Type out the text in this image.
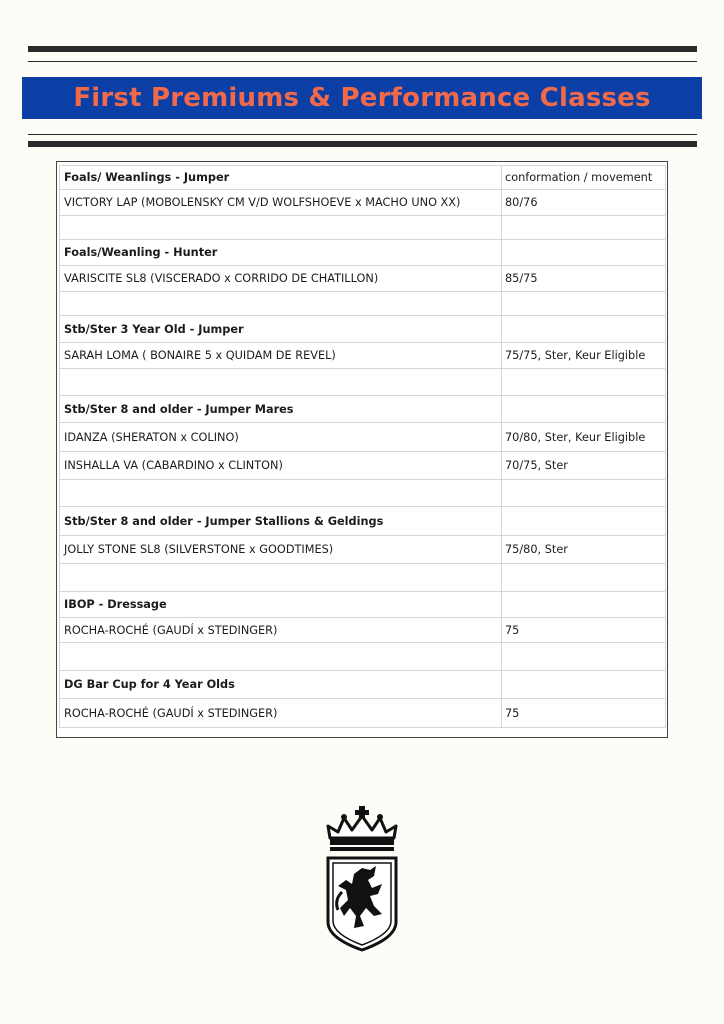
First Premiums & Performance Classes
Foals/ Weanlings - Jumper	conformation / movement
VICTORY LAP (MOBOLENSKY CM V/D WOLFSHOEVE x MACHO UNO XX)	80/76

Foals/Weanling - Hunter	
VARISCITE SL8 (VISCERADO x CORRIDO DE CHATILLON)	85/75

Stb/Ster 3 Year Old - Jumper	
SARAH LOMA ( BONAIRE 5 x QUIDAM DE REVEL)	75/75, Ster, Keur Eligible

Stb/Ster 8 and older - Jumper Mares	
IDANZA (SHERATON x COLINO)	70/80, Ster, Keur Eligible
INSHALLA VA (CABARDINO x CLINTON)	70/75, Ster

Stb/Ster 8 and older - Jumper Stallions & Geldings	
JOLLY STONE SL8 (SILVERSTONE x GOODTIMES)	75/80, Ster

IBOP - Dressage	
ROCHA-ROCHÉ (GAUDÍ x STEDINGER)	75

DG Bar Cup for 4 Year Olds	
ROCHA-ROCHÉ (GAUDÍ x STEDINGER)	75
